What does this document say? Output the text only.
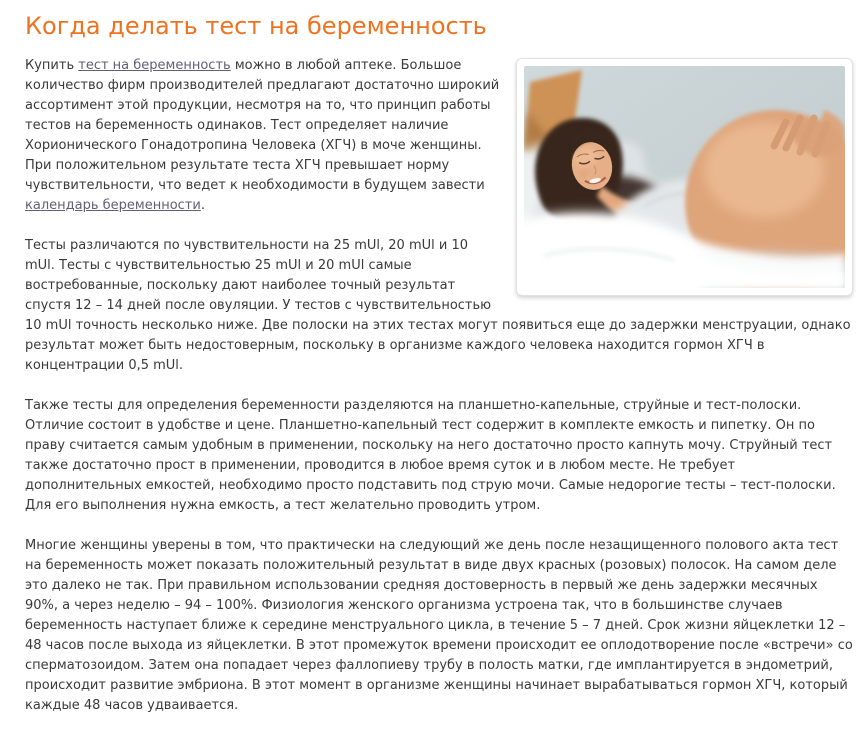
Когда делать тест на беременность

Купить тест на беременность можно в любой аптеке. Большое количество фирм производителей предлагают достаточно широкий ассортимент этой продукции, несмотря на то, что принцип работы тестов на беременность одинаков. Тест определяет наличие Хорионического Гонадотропина Человека (ХГЧ) в моче женщины. При положительном результате теста ХГЧ превышает норму чувствительности, что ведет к необходимости в будущем завести календарь беременности.

Тесты различаются по чувствительности на 25 mUl, 20 mUl и 10 mUl. Тесты с чувствительностью 25 mUl и 20 mUl самые востребованные, поскольку дают наиболее точный результат спустя 12 – 14 дней после овуляции. У тестов с чувствительностью 10 mUl точность несколько ниже. Две полоски на этих тестах могут появиться еще до задержки менструации, однако результат может быть недостоверным, поскольку в организме каждого человека находится гормон ХГЧ в концентрации 0,5 mUl.

Также тесты для определения беременности разделяются на планшетно-капельные, струйные и тест-полоски. Отличие состоит в удобстве и цене. Планшетно-капельный тест содержит в комплекте емкость и пипетку. Он по праву считается самым удобным в применении, поскольку на него достаточно просто капнуть мочу. Струйный тест также достаточно прост в применении, проводится в любое время суток и в любом месте. Не требует дополнительных емкостей, необходимо просто подставить под струю мочи. Самые недорогие тесты – тест-полоски. Для его выполнения нужна емкость, а тест желательно проводить утром.

Многие женщины уверены в том, что практически на следующий же день после незащищенного полового акта тест на беременность может показать положительный результат в виде двух красных (розовых) полосок. На самом деле это далеко не так. При правильном использовании средняя достоверность в первый же день задержки месячных 90%, а через неделю – 94 – 100%. Физиология женского организма устроена так, что в большинстве случаев беременность наступает ближе к середине менструального цикла, в течение 5 – 7 дней. Срок жизни яйцеклетки 12 – 48 часов после выхода из яйцеклетки. В этот промежуток времени происходит ее оплодотворение после «встречи» со сперматозоидом. Затем она попадает через фаллопиеву трубу в полость матки, где имплантируется в эндометрий, происходит развитие эмбриона. В этот момент в организме женщины начинает вырабатываться гормон ХГЧ, который каждые 48 часов удваивается.
